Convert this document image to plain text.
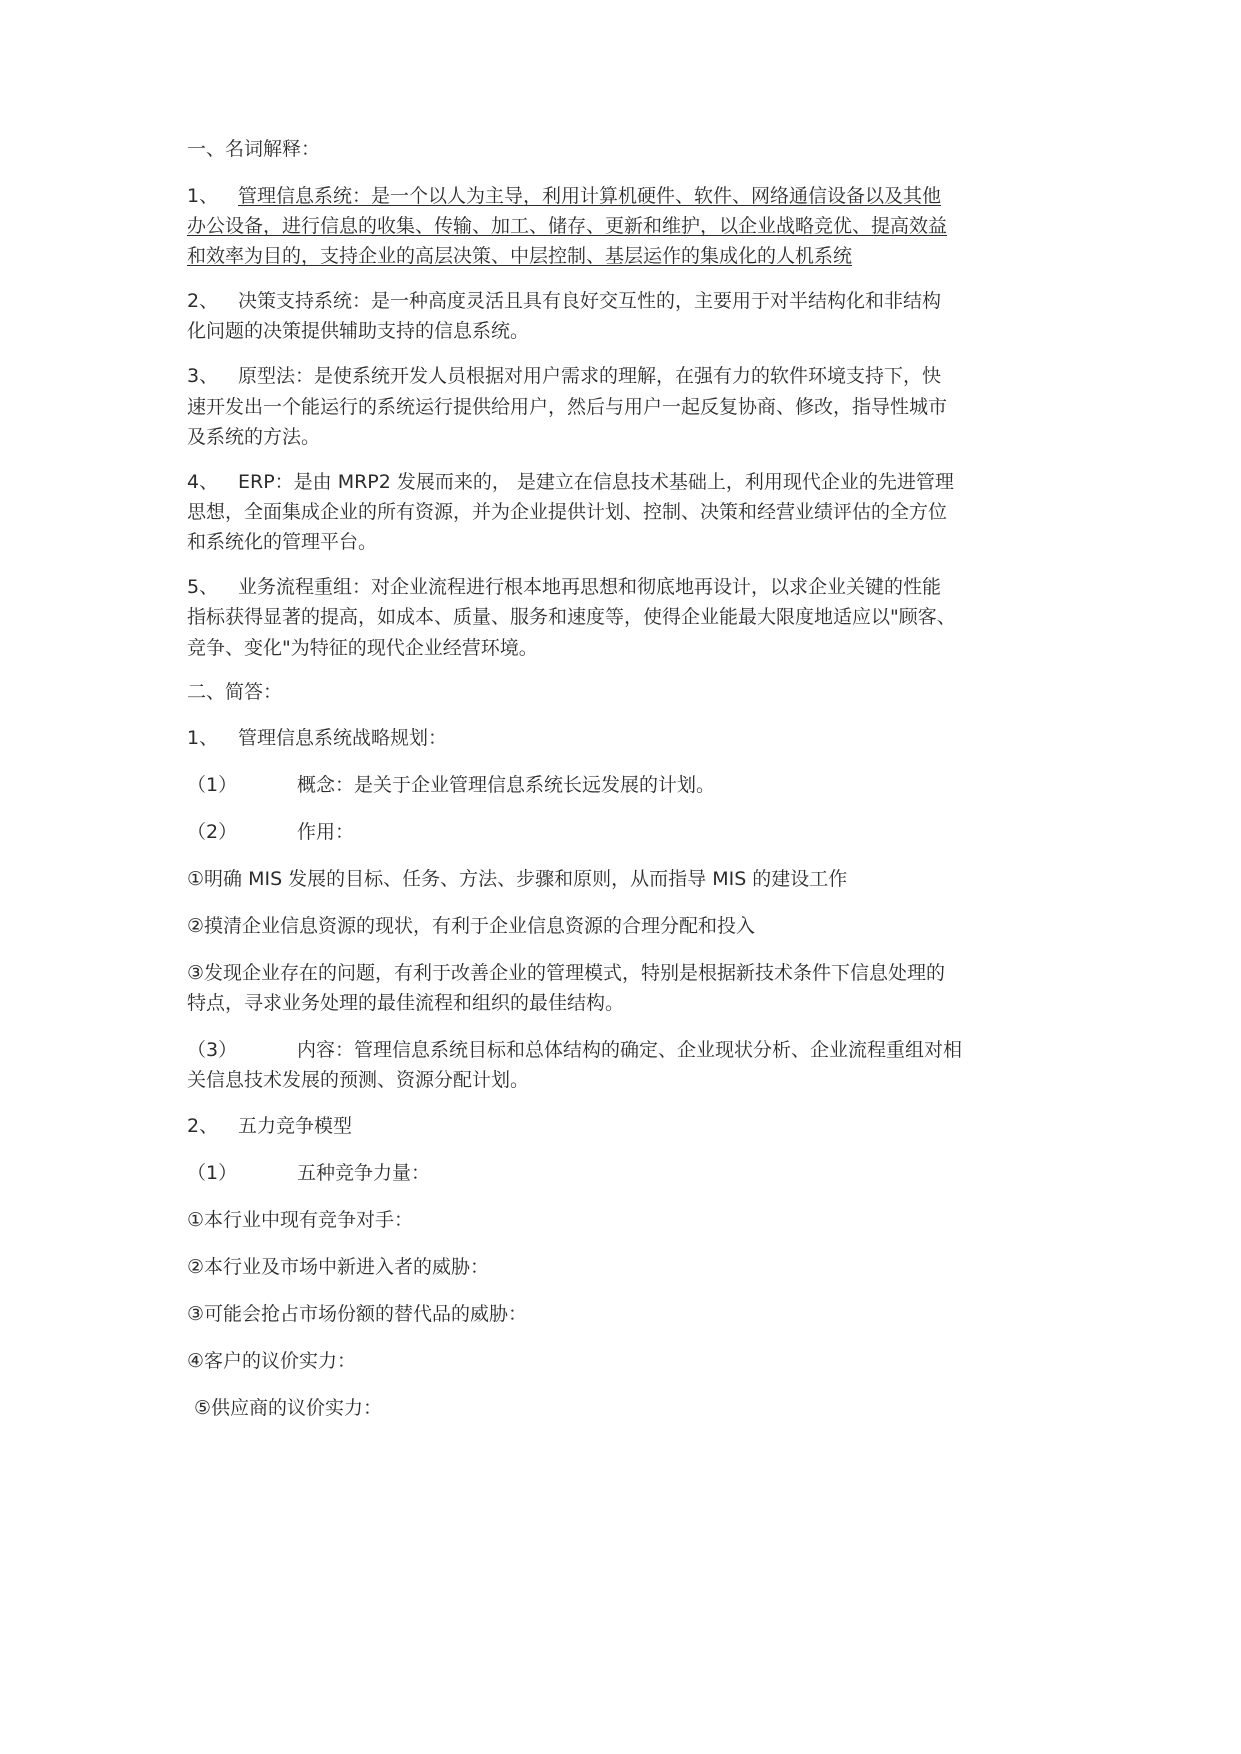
一、名词解释：
1、 管理信息系统：是一个以人为主导，利用计算机硬件、软件、网络通信设备以及其他
办公设备，进行信息的收集、传输、加工、储存、更新和维护，以企业战略竞优、提高效益
和效率为目的，支持企业的高层决策、中层控制、基层运作的集成化的人机系统
2、 决策支持系统：是一种高度灵活且具有良好交互性的，主要用于对半结构化和非结构
化问题的决策提供辅助支持的信息系统。
3、 原型法：是使系统开发人员根据对用户需求的理解，在强有力的软件环境支持下，快
速开发出一个能运行的系统运行提供给用户，然后与用户一起反复协商、修改，指导性城市
及系统的方法。
4、 ERP：是由 MRP2 发展而来的， 是建立在信息技术基础上，利用现代企业的先进管理
思想，全面集成企业的所有资源，并为企业提供计划、控制、决策和经营业绩评估的全方位
和系统化的管理平台。
5、 业务流程重组：对企业流程进行根本地再思想和彻底地再设计，以求企业关键的性能
指标获得显著的提高，如成本、质量、服务和速度等，使得企业能最大限度地适应以"顾客、
竞争、变化"为特征的现代企业经营环境。
二、简答：
1、 管理信息系统战略规划：
（1）	概念：是关于企业管理信息系统长远发展的计划。
（2）	作用：
①明确 MIS 发展的目标、任务、方法、步骤和原则，从而指导 MIS 的建设工作
②摸清企业信息资源的现状，有利于企业信息资源的合理分配和投入
③发现企业存在的问题，有利于改善企业的管理模式，特别是根据新技术条件下信息处理的
特点，寻求业务处理的最佳流程和组织的最佳结构。
（3）	内容：管理信息系统目标和总体结构的确定、企业现状分析、企业流程重组对相
关信息技术发展的预测、资源分配计划。
2、 五力竞争模型
（1）	五种竞争力量：
①本行业中现有竞争对手：
②本行业及市场中新进入者的威胁：
③可能会抢占市场份额的替代品的威胁：
④客户的议价实力：
⑤供应商的议价实力：
